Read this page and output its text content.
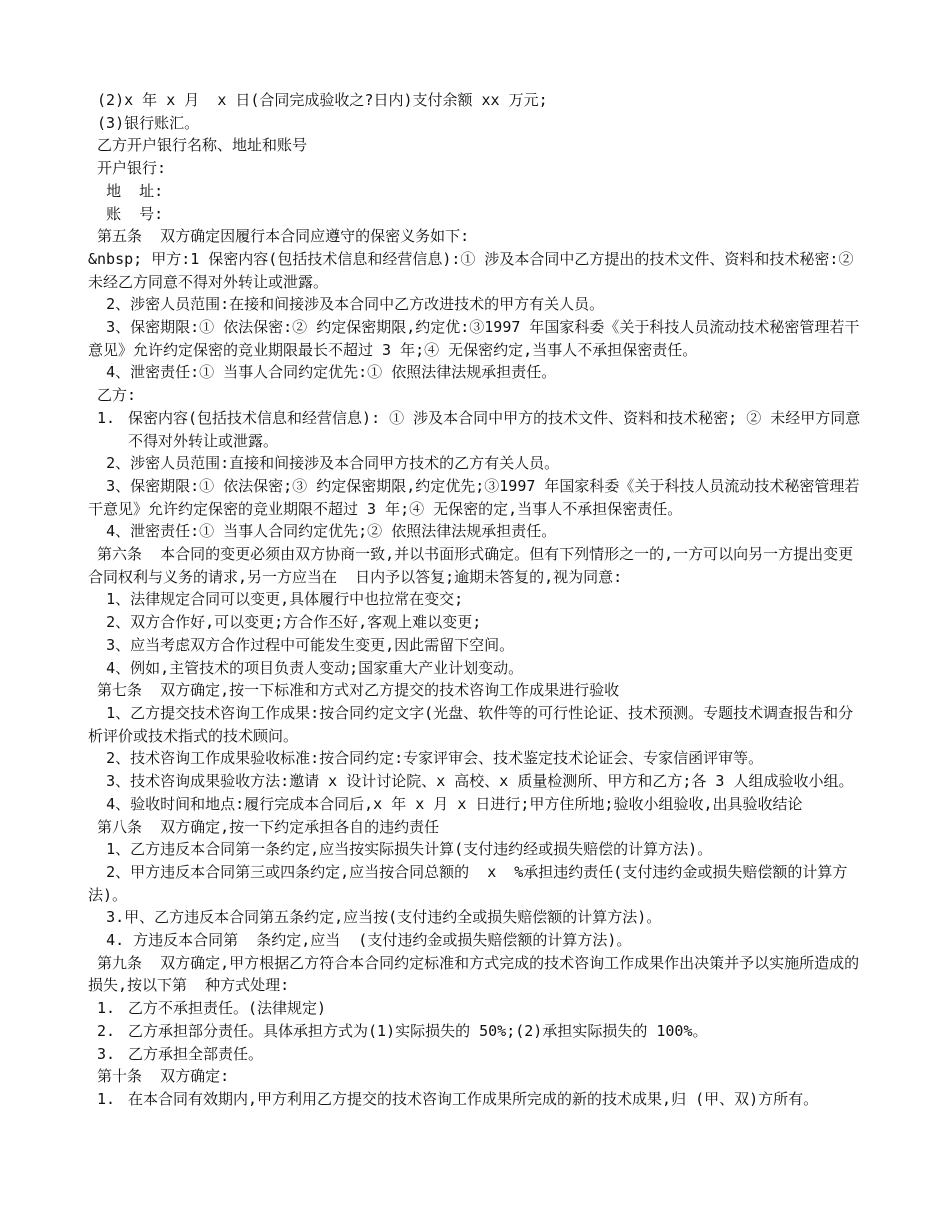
(2)x 年 x 月  x 日(合同完成验收之?日内)支付余额 xx 万元;
(3)银行账汇。
乙方开户银行名称、地址和账号
开户银行:
地  址:
账  号:
第五条  双方确定因履行本合同应遵守的保密义务如下:
&nbsp; 甲方:1 保密内容(包括技术信息和经营信息):① 涉及本合同中乙方提出的技术文件、资料和技术秘密:② 未经乙方同意不得对外转让或泄露。
2、涉密人员范围:在接和间接涉及本合同中乙方改进技术的甲方有关人员。
3、保密期限:① 依法保密:② 约定保密期限,约定优:③1997 年国家科委《关于科技人员流动技术秘密管理若干意见》允许约定保密的竞业期限最长不超过 3 年;④ 无保密约定,当事人不承担保密责任。
4、泄密责任:① 当事人合同约定优先:① 依照法律法规承担责任。
乙方:
1. 保密内容(包括技术信息和经营信息): ① 涉及本合同中甲方的技术文件、资料和技术秘密; ② 未经甲方同意不得对外转让或泄露。
2、涉密人员范围:直接和间接涉及本合同甲方技术的乙方有关人员。
3、保密期限:① 依法保密;③ 约定保密期限,约定优先;③1997 年国家科委《关于科技人员流动技术秘密管理若干意见》允许约定保密的竞业期限不超过 3 年;④ 无保密的定,当事人不承担保密责任。
4、泄密责任:① 当事人合同约定优先;② 依照法律法规承担责任。
第六条  本合同的变更必须由双方协商一致,并以书面形式确定。但有下列情形之一的,一方可以向另一方提出变更合同权利与义务的请求,另一方应当在  日内予以答复;逾期未答复的,视为同意:
1、法律规定合同可以变更,具体履行中也拉常在变交;
2、双方合作好,可以变更;方合作丕好,客观上难以变更;
3、应当考虑双方合作过程中可能发生变更,因此需留下空间。
4、例如,主管技术的项目负责人变动;国家重大产业计划变动。
第七条  双方确定,按一下标准和方式对乙方提交的技术咨询工作成果进行验收
1、乙方提交技术咨询工作成果:按合同约定文字(光盘、软件等的可行性论证、技术预测。专题技术调查报告和分析评价或技术指式的技术顾问。
2、技术咨询工作成果验收标准:按合同约定:专家评审会、技术鉴定技术论证会、专家信函评审等。
3、技术咨询成果验收方法:邀请 x 设计讨论院、x 高校、x 质量检测所、甲方和乙方;各 3 人组成验收小组。
4、验收时间和地点:履行完成本合同后,x 年 x 月 x 日进行;甲方住所地;验收小组验收,出具验收结论
第八条  双方确定,按一下约定承担各自的违约责任
1、乙方违反本合同第一条约定,应当按实际损失计算(支付违约经或损失赔偿的计算方法)。
2、甲方违反本合同第三或四条约定,应当按合同总额的  x  %承担违约责任(支付违约金或损失赔偿额的计算方法)。
3.甲、乙方违反本合同第五条约定,应当按(支付违约全或损失赔偿额的计算方法)。
4. 方违反本合同第  条约定,应当  (支付违约金或损失赔偿额的计算方法)。
第九条  双方确定,甲方根据乙方符合本合同约定标准和方式完成的技术咨询工作成果作出决策并予以实施所造成的损失,按以下第  种方式处理:
1. 乙方不承担责任。(法律规定)
2. 乙方承担部分责任。具体承担方式为(1)实际损失的 50%;(2)承担实际损失的 100%。
3. 乙方承担全部责任。
第十条  双方确定:
1. 在本合同有效期内,甲方利用乙方提交的技术咨询工作成果所完成的新的技术成果,归 (甲、双)方所有。
